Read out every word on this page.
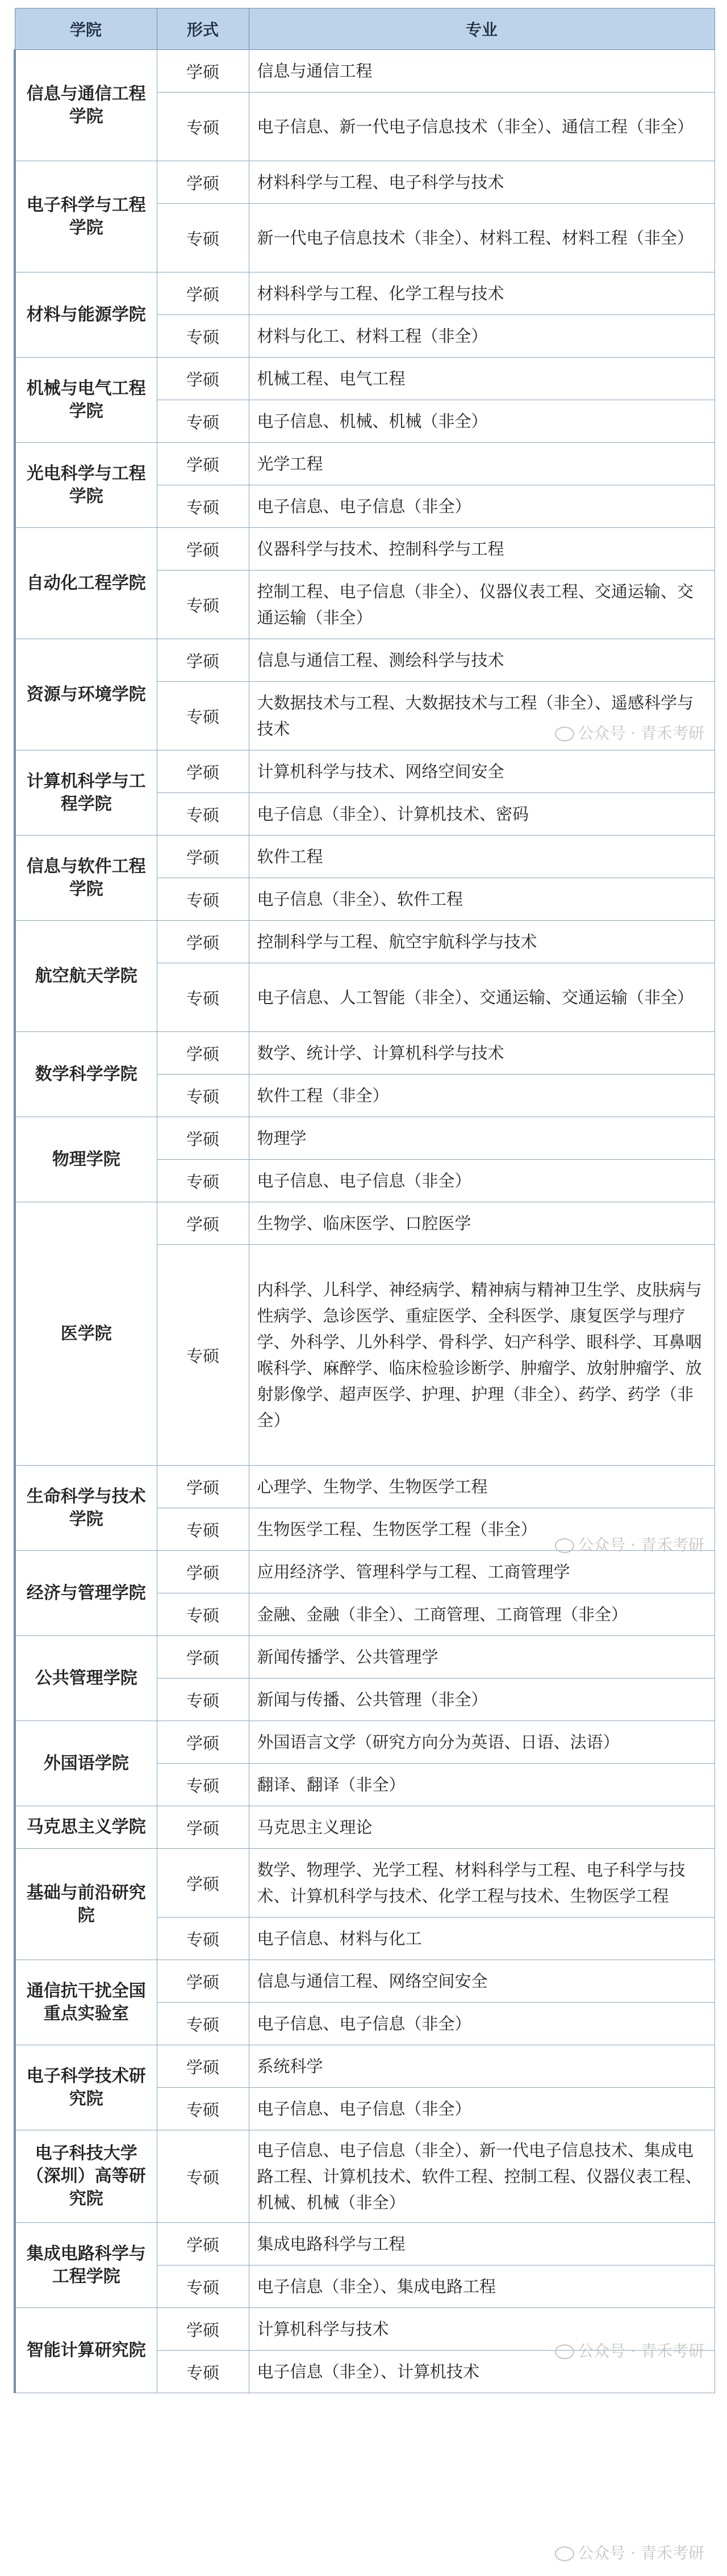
学院	形式	专业
信息与通信工程学院	学硕	信息与通信工程
	专硕	电子信息、新一代电子信息技术（非全）、通信工程（非全）
电子科学与工程学院	学硕	材料科学与工程、电子科学与技术
	专硕	新一代电子信息技术（非全）、材料工程、材料工程（非全）
材料与能源学院	学硕	材料科学与工程、化学工程与技术
	专硕	材料与化工、材料工程（非全）
机械与电气工程学院	学硕	机械工程、电气工程
	专硕	电子信息、机械、机械（非全）
光电科学与工程学院	学硕	光学工程
	专硕	电子信息、电子信息（非全）
自动化工程学院	学硕	仪器科学与技术、控制科学与工程
	专硕	控制工程、电子信息（非全）、仪器仪表工程、交通运输、交通运输（非全）
资源与环境学院	学硕	信息与通信工程、测绘科学与技术
	专硕	大数据技术与工程、大数据技术与工程（非全）、遥感科学与技术
计算机科学与工程学院	学硕	计算机科学与技术、网络空间安全
	专硕	电子信息（非全）、计算机技术、密码
信息与软件工程学院	学硕	软件工程
	专硕	电子信息（非全）、软件工程
航空航天学院	学硕	控制科学与工程、航空宇航科学与技术
	专硕	电子信息、人工智能（非全）、交通运输、交通运输（非全）
数学科学学院	学硕	数学、统计学、计算机科学与技术
	专硕	软件工程（非全）
物理学院	学硕	物理学
	专硕	电子信息、电子信息（非全）
医学院	学硕	生物学、临床医学、口腔医学
	专硕	内科学、儿科学、神经病学、精神病与精神卫生学、皮肤病与性病学、急诊医学、重症医学、全科医学、康复医学与理疗学、外科学、儿外科学、骨科学、妇产科学、眼科学、耳鼻咽喉科学、麻醉学、临床检验诊断学、肿瘤学、放射肿瘤学、放射影像学、超声医学、护理、护理（非全）、药学、药学（非全）
生命科学与技术学院	学硕	心理学、生物学、生物医学工程
	专硕	生物医学工程、生物医学工程（非全）
经济与管理学院	学硕	应用经济学、管理科学与工程、工商管理学
	专硕	金融、金融（非全）、工商管理、工商管理（非全）
公共管理学院	学硕	新闻传播学、公共管理学
	专硕	新闻与传播、公共管理（非全）
外国语学院	学硕	外国语言文学（研究方向分为英语、日语、法语）
	专硕	翻译、翻译（非全）
马克思主义学院	学硕	马克思主义理论
基础与前沿研究院	学硕	数学、物理学、光学工程、材料科学与工程、电子科学与技术、计算机科学与技术、化学工程与技术、生物医学工程
	专硕	电子信息、材料与化工
通信抗干扰全国重点实验室	学硕	信息与通信工程、网络空间安全
	专硕	电子信息、电子信息（非全）
电子科学技术研究院	学硕	系统科学
	专硕	电子信息、电子信息（非全）
电子科技大学（深圳）高等研究院	专硕	电子信息、电子信息（非全）、新一代电子信息技术、集成电路工程、计算机技术、软件工程、控制工程、仪器仪表工程、机械、机械（非全）
集成电路科学与工程学院	学硕	集成电路科学与工程
	专硕	电子信息（非全）、集成电路工程
智能计算研究院	学硕	计算机科学与技术
	专硕	电子信息（非全）、计算机技术
公众号 · 青禾考研
公众号 · 青禾考研
公众号 · 青禾考研
公众号 · 青禾考研
